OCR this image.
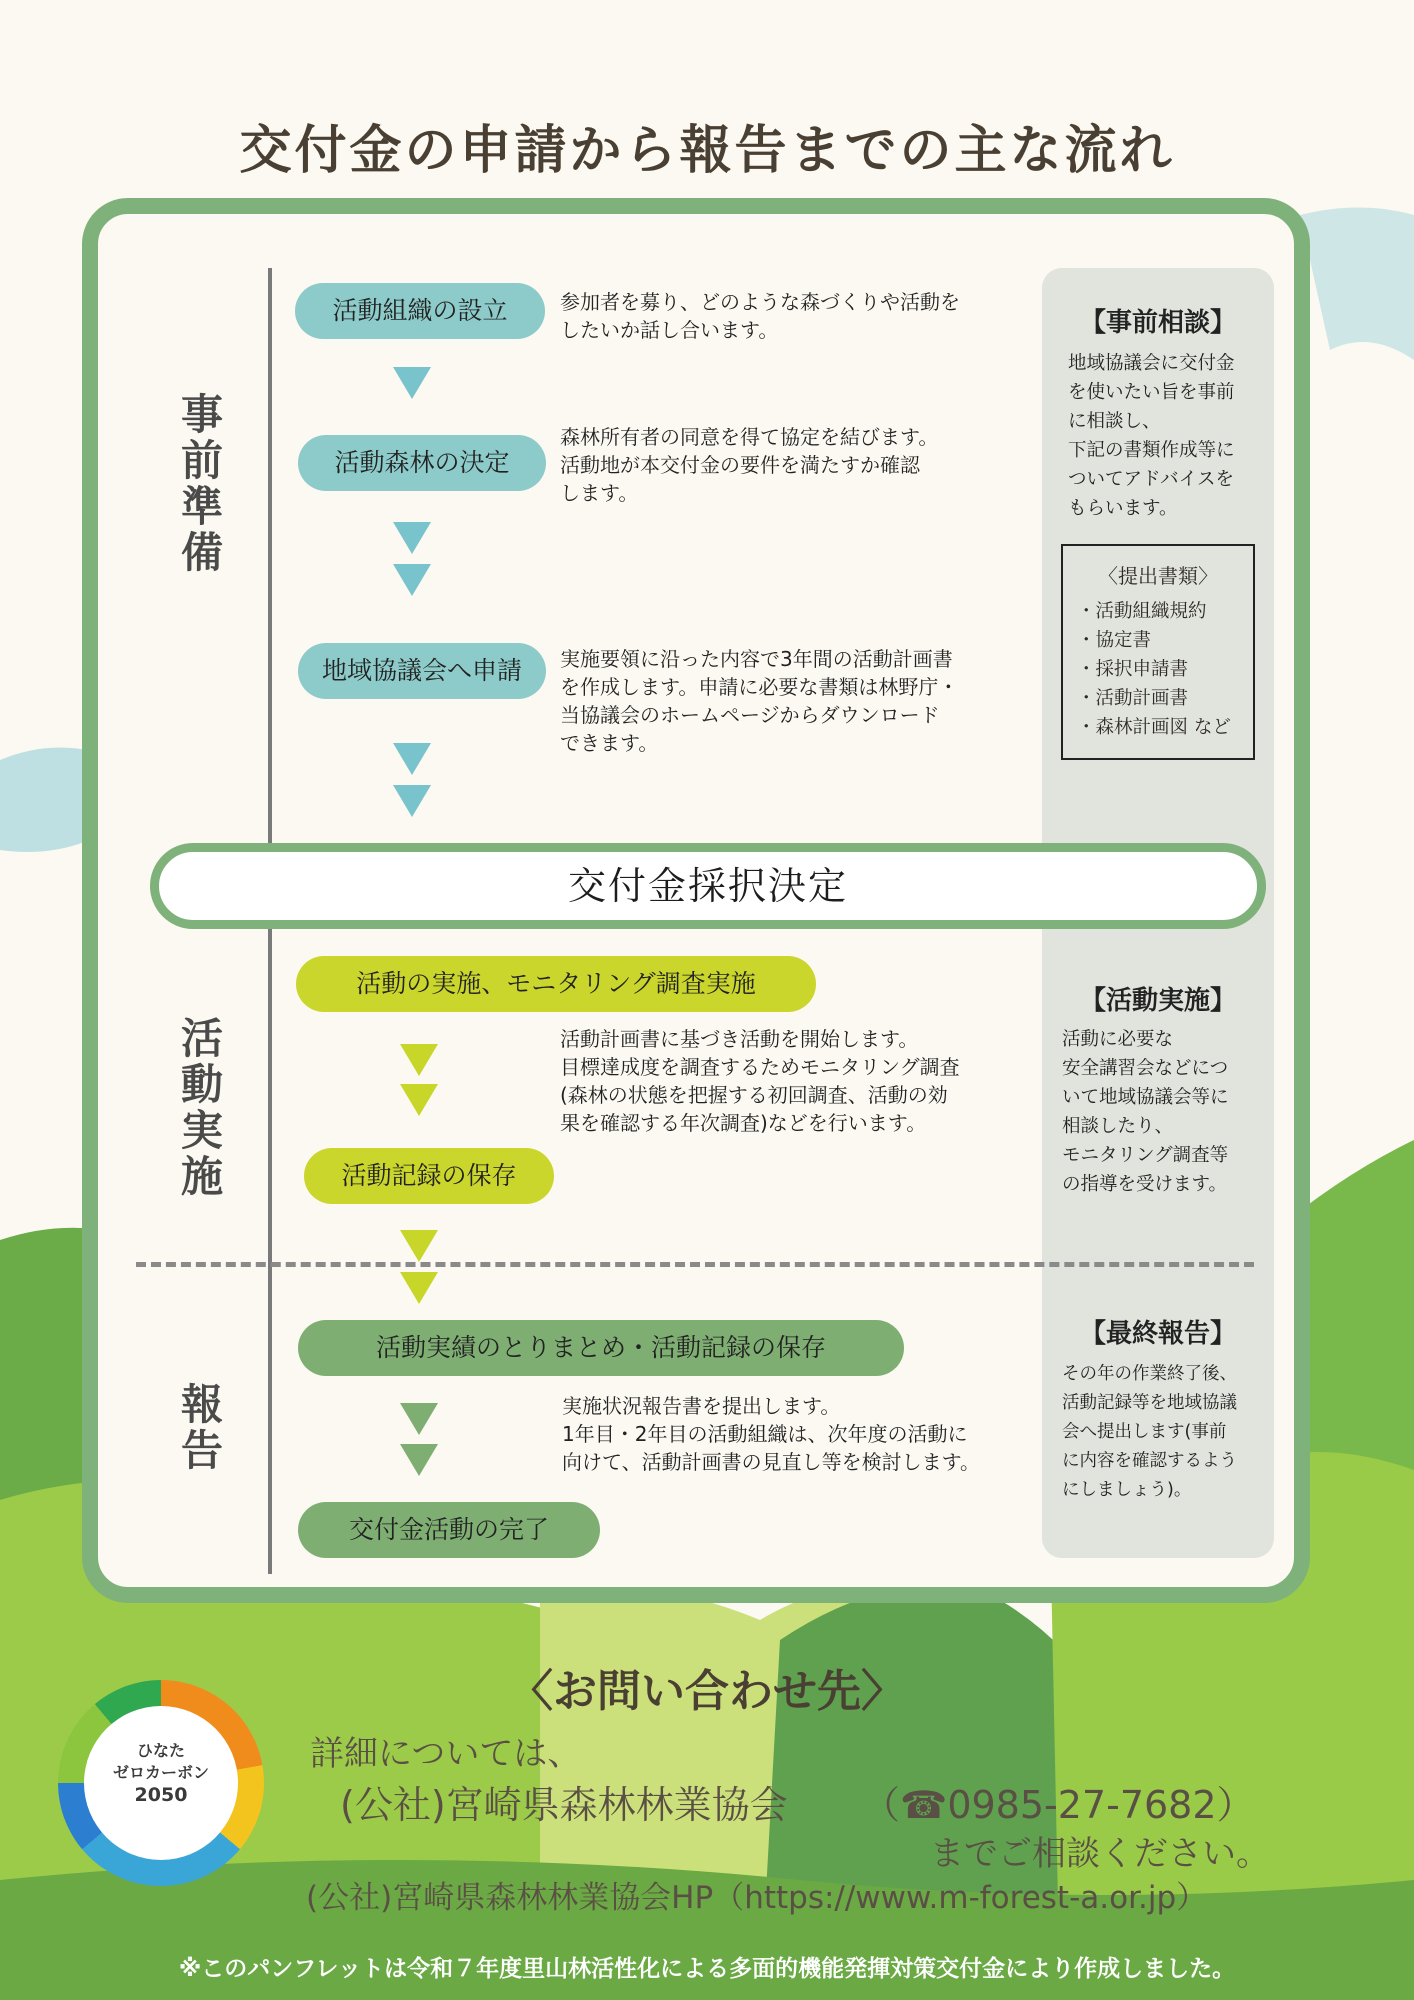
交付金の申請から報告までの主な流れ
事前準備
活動実施
報告
活動組織の設立	参加者を募り、どのような森づくりや活動を
したいか話し合います。
活動森林の決定
森林所有者の同意を得て協定を結びます。
活動地が本交付金の要件を満たすか確認
します。
地域協議会へ申請	実施要領に沿った内容で3年間の活動計画書
を作成します。申請に必要な書類は林野庁・
当協議会のホームページからダウンロード
できます。
交付金採択決定
活動の実施、モニタリング調査実施
活動計画書に基づき活動を開始します。
目標達成度を調査するためモニタリング調査
(森林の状態を把握する初回調査、活動の効
果を確認する年次調査)などを行います。
活動記録の保存
活動実績のとりまとめ・活動記録の保存
実施状況報告書を提出します。
1年目・2年目の活動組織は、次年度の活動に
向けて、活動計画書の見直し等を検討します。
交付金活動の完了
【事前相談】
地域協議会に交付金
を使いたい旨を事前
に相談し、
下記の書類作成等に
ついてアドバイスを
もらいます。
〈提出書類〉
・活動組織規約
・協定書
・採択申請書
・活動計画書
・森林計画図 など
【活動実施】
活動に必要な
安全講習会などにつ
いて地域協議会等に
相談したり、
モニタリング調査等
の指導を受けます。
【最終報告】
その年の作業終了後、
活動記録等を地域協議
会へ提出します(事前
に内容を確認するよう
にしましょう)。
〈お問い合わせ先〉
詳細については、
(公社)宮崎県森林林業協会 （☎0985-27-7682）
までご相談ください。
(公社)宮崎県森林林業協会HP（https://www.m-forest-a.or.jp）
ひなた
ゼロカーボン
2050
※このパンフレットは令和７年度里山林活性化による多面的機能発揮対策交付金により作成しました。
